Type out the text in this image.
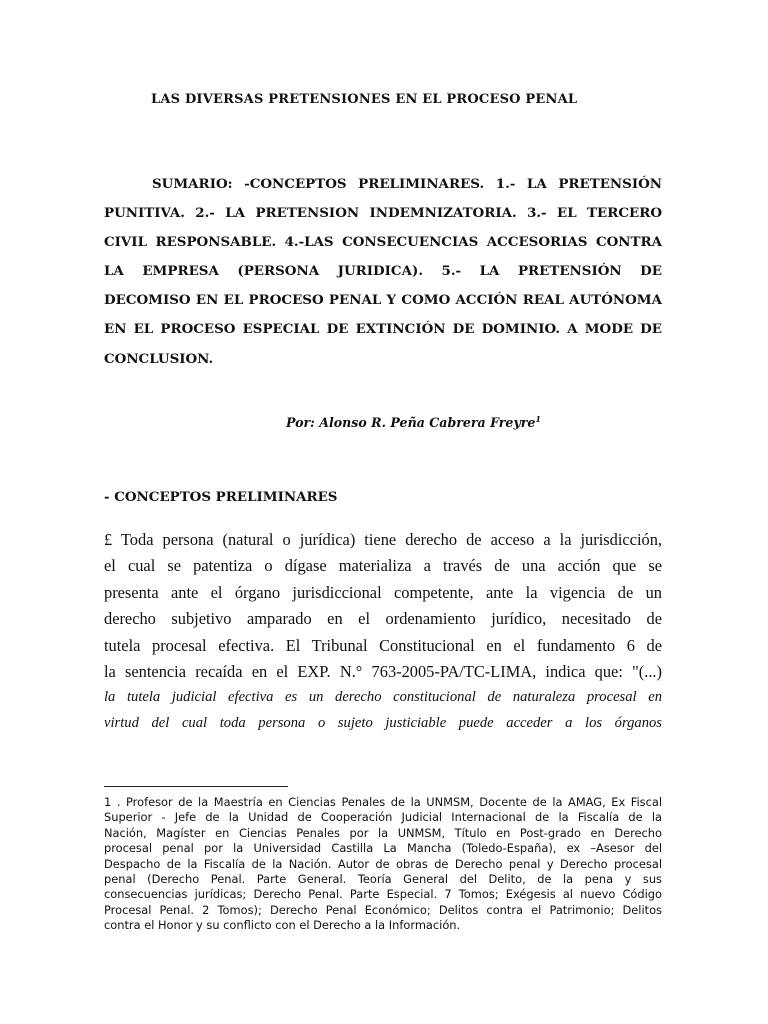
LAS DIVERSAS PRETENSIONES EN EL PROCESO PENAL
SUMARIO: -CONCEPTOS PRELIMINARES. 1.- LA PRETENSIÓN
PUNITIVA. 2.- LA PRETENSION INDEMNIZATORIA. 3.- EL TERCERO
CIVIL RESPONSABLE. 4.-LAS CONSECUENCIAS ACCESORIAS CONTRA
LA EMPRESA (PERSONA JURIDICA). 5.- LA PRETENSIÓN DE
DECOMISO EN EL PROCESO PENAL Y COMO ACCIÓN REAL AUTÓNOMA
EN EL PROCESO ESPECIAL DE EXTINCIÓN DE DOMINIO. A MODE DE
CONCLUSION.
Por: Alonso R. Peña Cabrera Freyre$^1$
- CONCEPTOS PRELIMINARES
£ Toda persona (natural o jurídica) tiene derecho de acceso a la jurisdicción,
el cual se patentiza o dígase materializa a través de una acción que se
presenta ante el órgano jurisdiccional competente, ante la vigencia de un
derecho subjetivo amparado en el ordenamiento jurídico, necesitado de
tutela procesal efectiva. El Tribunal Constitucional en el fundamento 6 de
la sentencia recaída en el EXP. N.° 763-2005-PA/TC-LIMA, indica que: "(...)
la tutela judicial efectiva es un derecho constitucional de naturaleza procesal en
virtud del cual toda persona o sujeto justiciable puede acceder a los órganos
1 . Profesor de la Maestría en Ciencias Penales de la UNMSM, Docente de la AMAG, Ex Fiscal
Superior - Jefe de la Unidad de Cooperación Judicial Internacional de la Fiscalía de la
Nación, Magíster en Ciencias Penales por la UNMSM, Título en Post-grado en Derecho
procesal penal por la Universidad Castilla La Mancha (Toledo-España), ex –Asesor del
Despacho de la Fiscalía de la Nación. Autor de obras de Derecho penal y Derecho procesal
penal (Derecho Penal. Parte General. Teoría General del Delito, de la pena y sus
consecuencias jurídicas; Derecho Penal. Parte Especial. 7 Tomos; Exégesis al nuevo Código
Procesal Penal. 2 Tomos); Derecho Penal Económico; Delitos contra el Patrimonio; Delitos
contra el Honor y su conflicto con el Derecho a la Información.
